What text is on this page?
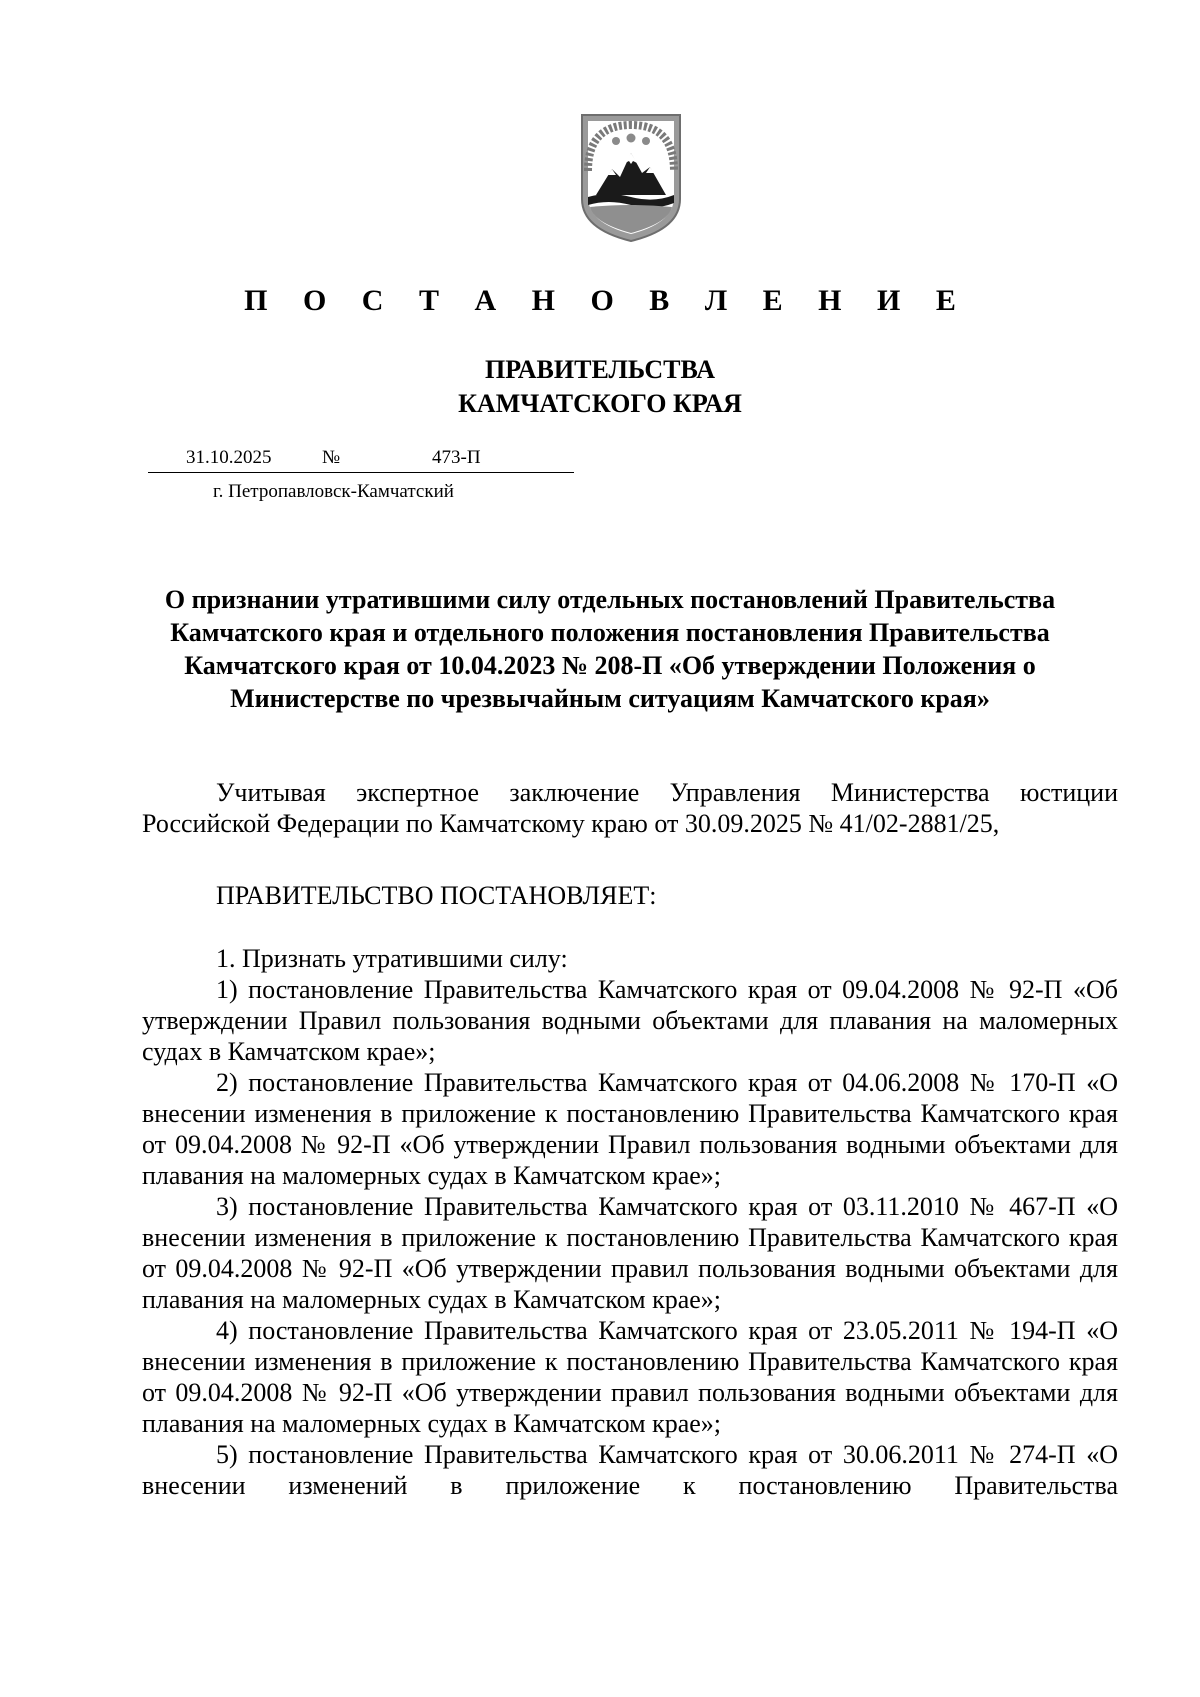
П О С Т А Н О В Л Е Н И Е
ПРАВИТЕЛЬСТВА
КАМЧАТСКОГО КРАЯ
31.10.2025	№	473-П
г. Петропавловск-Камчатский
О признании утратившими силу отдельных постановлений Правительства Камчатского края и отдельного положения постановления Правительства Камчатского края от 10.04.2023 № 208-П «Об утверждении Положения о Министерстве по чрезвычайным ситуациям Камчатского края»

Учитывая экспертное заключение Управления Министерства юстиции Российской Федерации по Камчатскому краю от 30.09.2025 № 41/02-2881/25,

ПРАВИТЕЛЬСТВО ПОСТАНОВЛЯЕТ:

1. Признать утратившими силу:

1) постановление Правительства Камчатского края от 09.04.2008 № 92-П «Об утверждении Правил пользования водными объектами для плавания на маломерных судах в Камчатском крае»;

2) постановление Правительства Камчатского края от 04.06.2008 № 170-П «О внесении изменения в приложение к постановлению Правительства Камчатского края от 09.04.2008 № 92-П «Об утверждении Правил пользования водными объектами для плавания на маломерных судах в Камчатском крае»;

3) постановление Правительства Камчатского края от 03.11.2010 № 467-П «О внесении изменения в приложение к постановлению Правительства Камчатского края от 09.04.2008 № 92-П «Об утверждении правил пользования водными объектами для плавания на маломерных судах в Камчатском крае»;

4) постановление Правительства Камчатского края от 23.05.2011 № 194-П «О внесении изменения в приложение к постановлению Правительства Камчатского края от 09.04.2008 № 92-П «Об утверждении правил пользования водными объектами для плавания на маломерных судах в Камчатском крае»;

5) постановление Правительства Камчатского края от 30.06.2011 № 274-П «О внесении изменений в приложение к постановлению Правительства
